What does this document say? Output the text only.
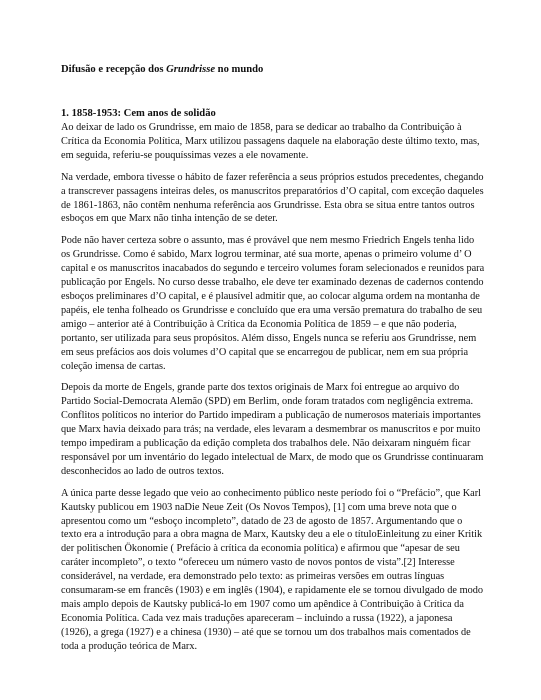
Difusão e recepção dos Grundrisse no mundo
1. 1858-1953: Cem anos de solidão

Ao deixar de lado os Grundrisse, em maio de 1858, para se dedicar ao trabalho da Contribuição à Crítica da Economia Política, Marx utilizou passagens daquele na elaboração deste último texto, mas, em seguida, referiu-se pouquíssimas vezes a ele novamente.

Na verdade, embora tivesse o hábito de fazer referência a seus próprios estudos precedentes, chegando a transcrever passagens inteiras deles, os manuscritos preparatórios d’O capital, com exceção daqueles de 1861-1863, não contêm nenhuma referência aos Grundrisse. Esta obra se situa entre tantos outros esboços em que Marx não tinha intenção de se deter.

Pode não haver certeza sobre o assunto, mas é provável que nem mesmo Friedrich Engels tenha lido os Grundrisse. Como é sabido, Marx logrou terminar, até sua morte, apenas o primeiro volume d’ O capital e os manuscritos inacabados do segundo e terceiro volumes foram selecionados e reunidos para publicação por Engels. No curso desse trabalho, ele deve ter examinado dezenas de cadernos contendo esboços preliminares d’O capital, e é plausível admitir que, ao colocar alguma ordem na montanha de papéis, ele tenha folheado os Grundrisse e concluído que era uma versão prematura do trabalho de seu amigo – anterior até à Contribuição à Crítica da Economia Política de 1859 – e que não poderia, portanto, ser utilizada para seus propósitos. Além disso, Engels nunca se referiu aos Grundrisse, nem em seus prefácios aos dois volumes d’O capital que se encarregou de publicar, nem em sua própria coleção imensa de cartas.

Depois da morte de Engels, grande parte dos textos originais de Marx foi entregue ao arquivo do Partido Social-Democrata Alemão (SPD) em Berlim, onde foram tratados com negligência extrema. Conflitos políticos no interior do Partido impediram a publicação de numerosos materiais importantes que Marx havia deixado para trás; na verdade, eles levaram a desmembrar os manuscritos e por muito tempo impediram a publicação da edição completa dos trabalhos dele. Não deixaram ninguém ficar responsável por um inventário do legado intelectual de Marx, de modo que os Grundrisse continuaram desconhecidos ao lado de outros textos.

A única parte desse legado que veio ao conhecimento público neste período foi o “Prefácio”, que Karl Kautsky publicou em 1903 naDie Neue Zeit (Os Novos Tempos), [1] com uma breve nota que o apresentou como um “esboço incompleto”, datado de 23 de agosto de 1857. Argumentando que o texto era a introdução para a obra magna de Marx, Kautsky deu a ele o títuloEinleitung zu einer Kritik der politischen Ökonomie ( Prefácio à crítica da economia política) e afirmou que “apesar de seu caráter incompleto”, o texto “ofereceu um número vasto de novos pontos de vista”.[2] Interesse considerável, na verdade, era demonstrado pelo texto: as primeiras versões em outras línguas consumaram-se em francês (1903) e em inglês (1904), e rapidamente ele se tornou divulgado de modo mais amplo depois de Kautsky publicá-lo em 1907 como um apêndice à Contribuição à Crítica da Economia Política. Cada vez mais traduções apareceram – incluindo a russa (1922), a japonesa (1926), a grega (1927) e a chinesa (1930) – até que se tornou um dos trabalhos mais comentados de toda a produção teórica de Marx.
